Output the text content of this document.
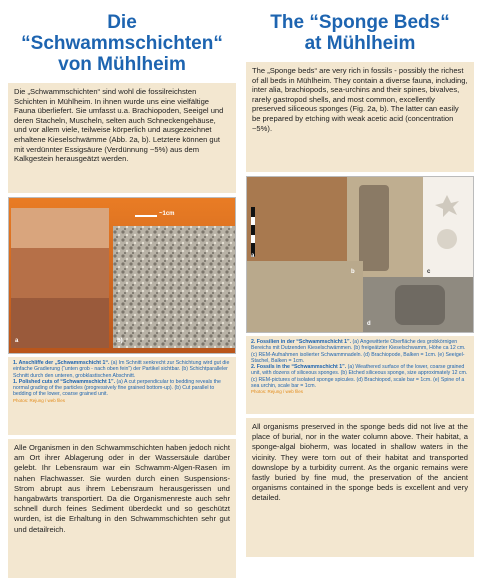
Die “Schwammschichten“
von Mühlheim

Die „Schwammschichten“ sind wohl die fossilreichsten Schichten in Mühlheim. In ihnen wurde uns eine vielfältige Fauna überliefert. Sie umfasst u.a. Brachiopoden, Seeigel und deren Stacheln, Muscheln, selten auch Schneckengehäuse, und vor allem viele, teilweise körperlich und ausgezeichnet erhaltene Kieselschwämme (Abb. 2a, b). Letztere können gut mit verdünnter Essigsäure (Verdünnung ~5%) aus dem Kalkgestein herausgeätzt werden.

~1cm
a	b)
1. Anschliffe der „Schwammschicht 1“. (a) Im Schnitt senkrecht zur Schichtung wird gut die einfache Gradierung (“unten grob - nach oben fein”) der Partikel sichtbar. (b) Schichtparalleler Schnitt durch den unteren, grobklastischen Abschnitt.
1. Polished cuts of “Schwammschicht 1”. (a) A cut perpendicular to bedding reveals the normal grading of the particles (progressively fine grained bottom-up). (b) Cut parallel to bedding of the lower, coarse grained unit.
Photos: Rejung / web files
Alle Organismen in den Schwammschichten haben jedoch nicht am Ort ihrer Ablagerung oder in der Wassersäule darüber gelebt. Ihr Lebensraum war ein Schwamm-Algen-Rasen im nahen Flachwasser. Sie wurden durch einen Suspensions-Strom abrupt aus ihrem Lebensraum herausgerissen und hangabwärts transportiert. Da die Organismenreste auch sehr schnell durch feines Sediment überdeckt und so geschützt wurden, ist die Erhaltung in den Schwammschichten sehr gut und detailreich.
The “Sponge Beds“
at Mühlheim

The „Sponge beds“ are very rich in fossils - possibly the richest of all beds in Mühlheim. They contain a diverse fauna, including, inter alia, brachiopods, sea-urchins and their spines, bivalves, rarely gastropod shells, and most common, excellently preserved siliceous sponges (Fig. 2a, b). The latter can easily be prepared by etching with weak acetic acid (concentration ~5%).

a
b	c
d
2. Fossilien in der “Schwammschicht 1”. (a) Angewitterte Oberfläche des grobkörnigen Bereichs mit Dutzenden Kieselschwämmen. (b) freigeätzter Kieselschwamm, Höhe ca 12 cm. (c) REM-Aufnahmen isolierter Schwammnadeln. (d) Brachiopode, Balken = 1cm. (e) Seeigel-Stachel, Balken = 1cm.
2. Fossils in the “Schwammschicht 1”. (a) Weathered surface of the lower, coarse grained unit, with dozens of siliceous sponges. (b) Etched siliceous sponge, size approximately 12 cm. (c) REM-pictures of isolated sponge spicules. (d) Brachiopod, scale bar = 1cm. (e) Spine of a sea urchin, scale bar = 1cm.
Photos: Rejung / web files
All organisms preserved in the sponge beds did not live at the place of burial, nor in the water column above. Their habitat, a sponge-algal bioherm, was located in shallow waters in the vicinity. They were torn out of their habitat and transported downslope by a turbidity current. As the organic remains were fastly buried by fine mud, the preservation of the ancient organisms contained in the sponge beds is excellent and very detailed.
